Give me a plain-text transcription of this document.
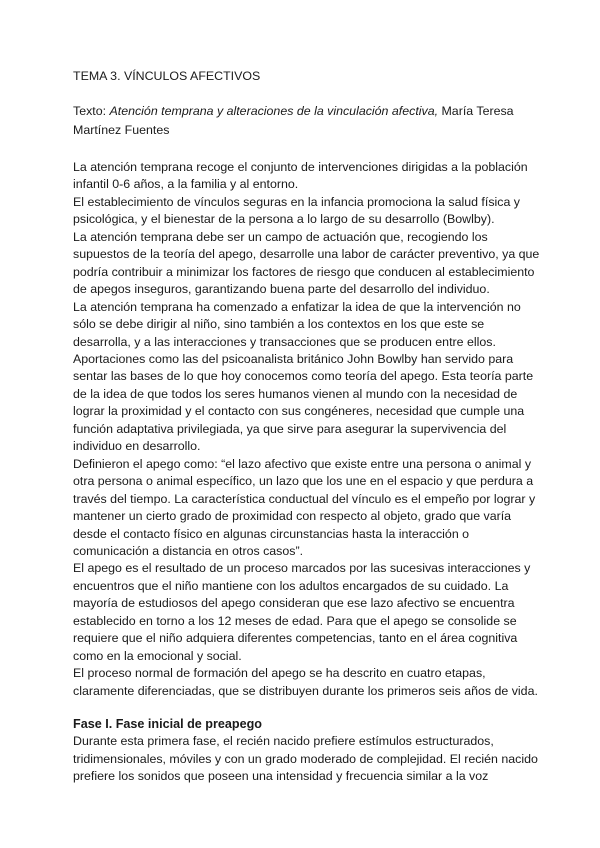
TEMA 3. VÍNCULOS AFECTIVOS

Texto: Atención temprana y alteraciones de la vinculación afectiva, María Teresa Martínez Fuentes

La atención temprana recoge el conjunto de intervenciones dirigidas a la población infantil 0-6 años, a la familia y al entorno.

El establecimiento de vínculos seguras en la infancia promociona la salud física y psicológica, y el bienestar de la persona a lo largo de su desarrollo (Bowlby).

La atención temprana debe ser un campo de actuación que, recogiendo los supuestos de la teoría del apego, desarrolle una labor de carácter preventivo, ya que podría contribuir a minimizar los factores de riesgo que conducen al establecimiento de apegos inseguros, garantizando buena parte del desarrollo del individuo.

La atención temprana ha comenzado a enfatizar la idea de que la intervención no sólo se debe dirigir al niño, sino también a los contextos en los que este se desarrolla, y a las interacciones y transacciones que se producen entre ellos.

Aportaciones como las del psicoanalista británico John Bowlby han servido para sentar las bases de lo que hoy conocemos como teoría del apego. Esta teoría parte de la idea de que todos los seres humanos vienen al mundo con la necesidad de lograr la proximidad y el contacto con sus congéneres, necesidad que cumple una función adaptativa privilegiada, ya que sirve para asegurar la supervivencia del individuo en desarrollo.

Definieron el apego como: “el lazo afectivo que existe entre una persona o animal y otra persona o animal específico, un lazo que los une en el espacio y que perdura a través del tiempo. La característica conductual del vínculo es el empeño por lograr y mantener un cierto grado de proximidad con respecto al objeto, grado que varía desde el contacto físico en algunas circunstancias hasta la interacción o comunicación a distancia en otros casos”.

El apego es el resultado de un proceso marcados por las sucesivas interacciones y encuentros que el niño mantiene con los adultos encargados de su cuidado. La mayoría de estudiosos del apego consideran que ese lazo afectivo se encuentra establecido en torno a los 12 meses de edad. Para que el apego se consolide se requiere que el niño adquiera diferentes competencias, tanto en el área cognitiva como en la emocional y social.

El proceso normal de formación del apego se ha descrito en cuatro etapas, claramente diferenciadas, que se distribuyen durante los primeros seis años de vida.

Fase I. Fase inicial de preapego

Durante esta primera fase, el recién nacido prefiere estímulos estructurados, tridimensionales, móviles y con un grado moderado de complejidad. El recién nacido prefiere los sonidos que poseen una intensidad y frecuencia similar a la voz
